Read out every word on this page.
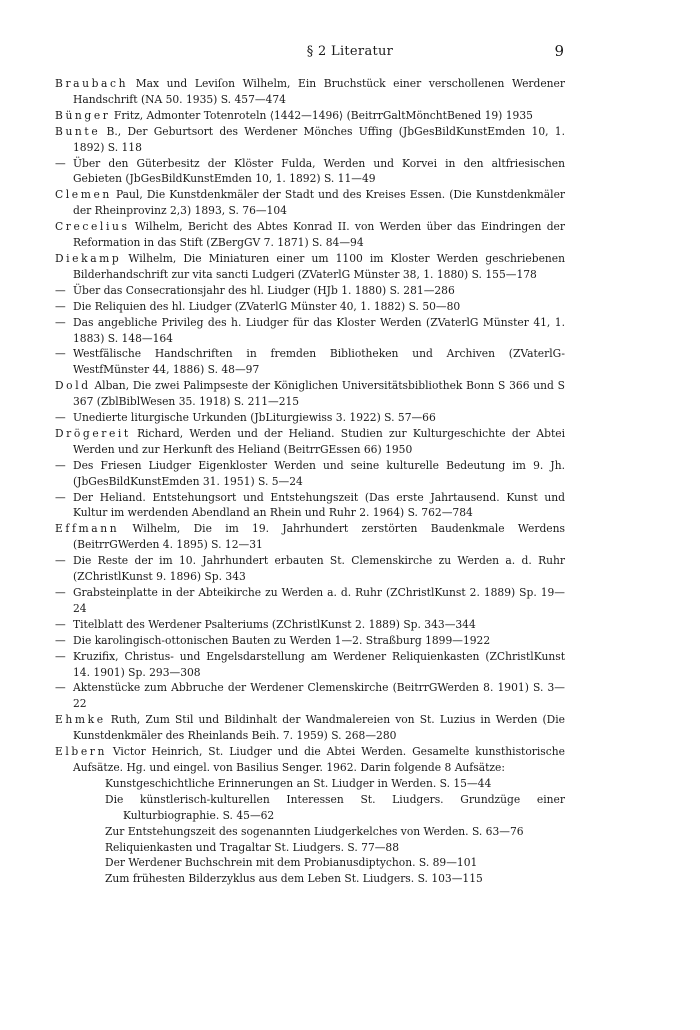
§ 2 Literatur	9
Braubach Max und Leviſon Wilhelm, Ein Bruchstück einer verschollenen Werdener Handschrift (NA 50. 1935) S. 457—474
Bünger Fritz, Admonter Totenroteln ⟨1442—1496⟩ (BeitrrGaltMönchtBened 19) 1935
Bunte B., Der Geburtsort des Werdener Mönches Uffing (JbGesBildKunstEmden 10, 1. 1892) S. 118
— Über den Güterbesitz der Klöster Fulda, Werden und Korvei in den altfriesischen Gebieten (JbGesBildKunstEmden 10, 1. 1892) S. 11—49
Clemen Paul, Die Kunstdenkmäler der Stadt und des Kreises Essen. (Die Kunstdenkmäler der Rheinprovinz 2,3) 1893, S. 76—104
Crecelius Wilhelm, Bericht des Abtes Konrad II. von Werden über das Eindringen der Reformation in das Stift (ZBergGV 7. 1871) S. 84—94
Diekamp Wilhelm, Die Miniaturen einer um 1100 im Kloster Werden geschriebenen Bilderhandschrift zur vita sancti Ludgeri (ZVaterlG Münster 38, 1. 1880) S. 155—178
— Über das Consecrationsjahr des hl. Liudger (HJb 1. 1880) S. 281—286
— Die Reliquien des hl. Liudger (ZVaterlG Münster 40, 1. 1882) S. 50—80
— Das angebliche Privileg des h. Liudger für das Kloster Werden (ZVaterlG Münster 41, 1. 1883) S. 148—164
— Westfälische Handschriften in fremden Bibliotheken und Archiven (ZVaterlG-WestfMünster 44, 1886) S. 48—97
Dold Alban, Die zwei Palimpseste der Königlichen Universitätsbibliothek Bonn S 366 und S 367 (ZblBiblWesen 35. 1918) S. 211—215
— Unedierte liturgische Urkunden (JbLiturgiewiss 3. 1922) S. 57—66
Drögereit Richard, Werden und der Heliand. Studien zur Kulturgeschichte der Abtei Werden und zur Herkunft des Heliand (BeitrrGEssen 66) 1950
— Des Friesen Liudger Eigenkloster Werden und seine kulturelle Bedeutung im 9. Jh. (JbGesBildKunstEmden 31. 1951) S. 5—24
— Der Heliand. Entstehungsort und Entstehungszeit (Das erste Jahrtausend. Kunst und Kultur im werdenden Abendland an Rhein und Ruhr 2. 1964) S. 762—784
Effmann Wilhelm, Die im 19. Jahrhundert zerstörten Baudenkmale Werdens (BeitrrGWerden 4. 1895) S. 12—31
— Die Reste der im 10. Jahrhundert erbauten St. Clemenskirche zu Werden a. d. Ruhr (ZChristlKunst 9. 1896) Sp. 343
— Grabsteinplatte in der Abteikirche zu Werden a. d. Ruhr (ZChristlKunst 2. 1889) Sp. 19—24
— Titelblatt des Werdener Psalteriums (ZChristlKunst 2. 1889) Sp. 343—344
— Die karolingisch-ottonischen Bauten zu Werden 1—2. Straßburg 1899—1922
— Kruzifix, Christus- und Engelsdarstellung am Werdener Reliquienkasten (ZChristlKunst 14. 1901) Sp. 293—308
— Aktenstücke zum Abbruche der Werdener Clemenskirche (BeitrrGWerden 8. 1901) S. 3—22
Ehmke Ruth, Zum Stil und Bildinhalt der Wandmalereien von St. Luzius in Werden (Die Kunstdenkmäler des Rheinlands Beih. 7. 1959) S. 268—280
Elbern Victor Heinrich, St. Liudger und die Abtei Werden. Gesamelte kunsthistorische Aufsätze. Hg. und eingel. von Basilius Senger. 1962. Darin folgende 8 Aufsätze:
Kunstgeschichtliche Erinnerungen an St. Liudger in Werden. S. 15—44
Die künstlerisch-kulturellen Interessen St. Liudgers. Grundzüge einer Kulturbiographie. S. 45—62
Zur Entstehungszeit des sogenannten Liudgerkelches von Werden. S. 63—76
Reliquienkasten und Tragaltar St. Liudgers. S. 77—88
Der Werdener Buchschrein mit dem Probianusdiptychon. S. 89—101
Zum frühesten Bilderzyklus aus dem Leben St. Liudgers. S. 103—115
